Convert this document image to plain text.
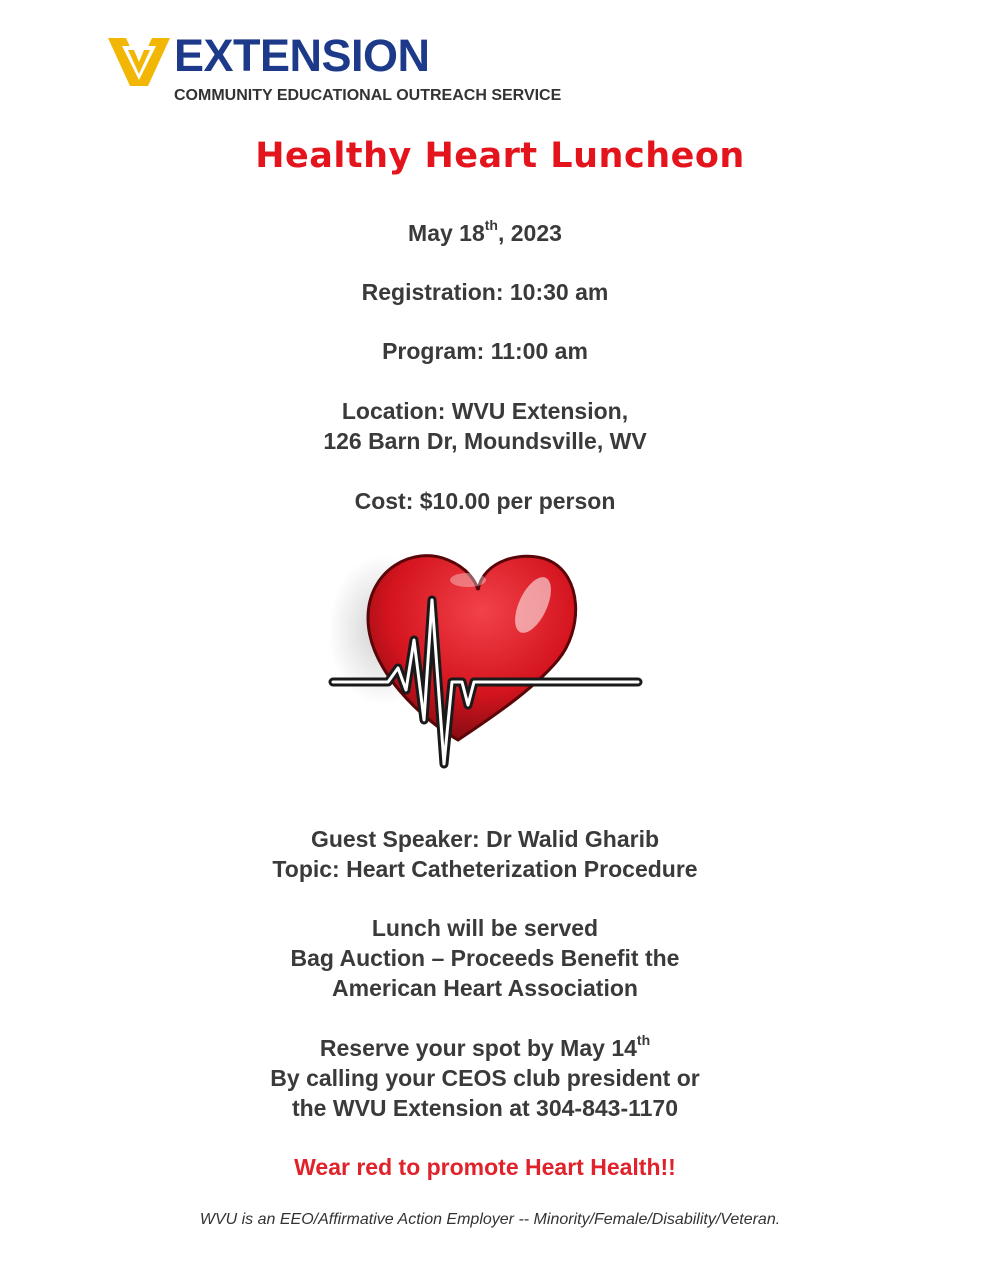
EXTENSION
COMMUNITY EDUCATIONAL OUTREACH SERVICE
Healthy Heart Luncheon
May 18th, 2023
Registration: 10:30 am
Program: 11:00 am
Location: WVU Extension,
126 Barn Dr, Moundsville, WV
Cost: $10.00 per person
Guest Speaker: Dr Walid Gharib
Topic: Heart Catheterization Procedure
Lunch will be served
Bag Auction – Proceeds Benefit the
American Heart Association
Reserve your spot by May 14th
By calling your CEOS club president or
the WVU Extension at 304-843-1170
Wear red to promote Heart Health!!
WVU is an EEO/Affirmative Action Employer -- Minority/Female/Disability/Veteran.
